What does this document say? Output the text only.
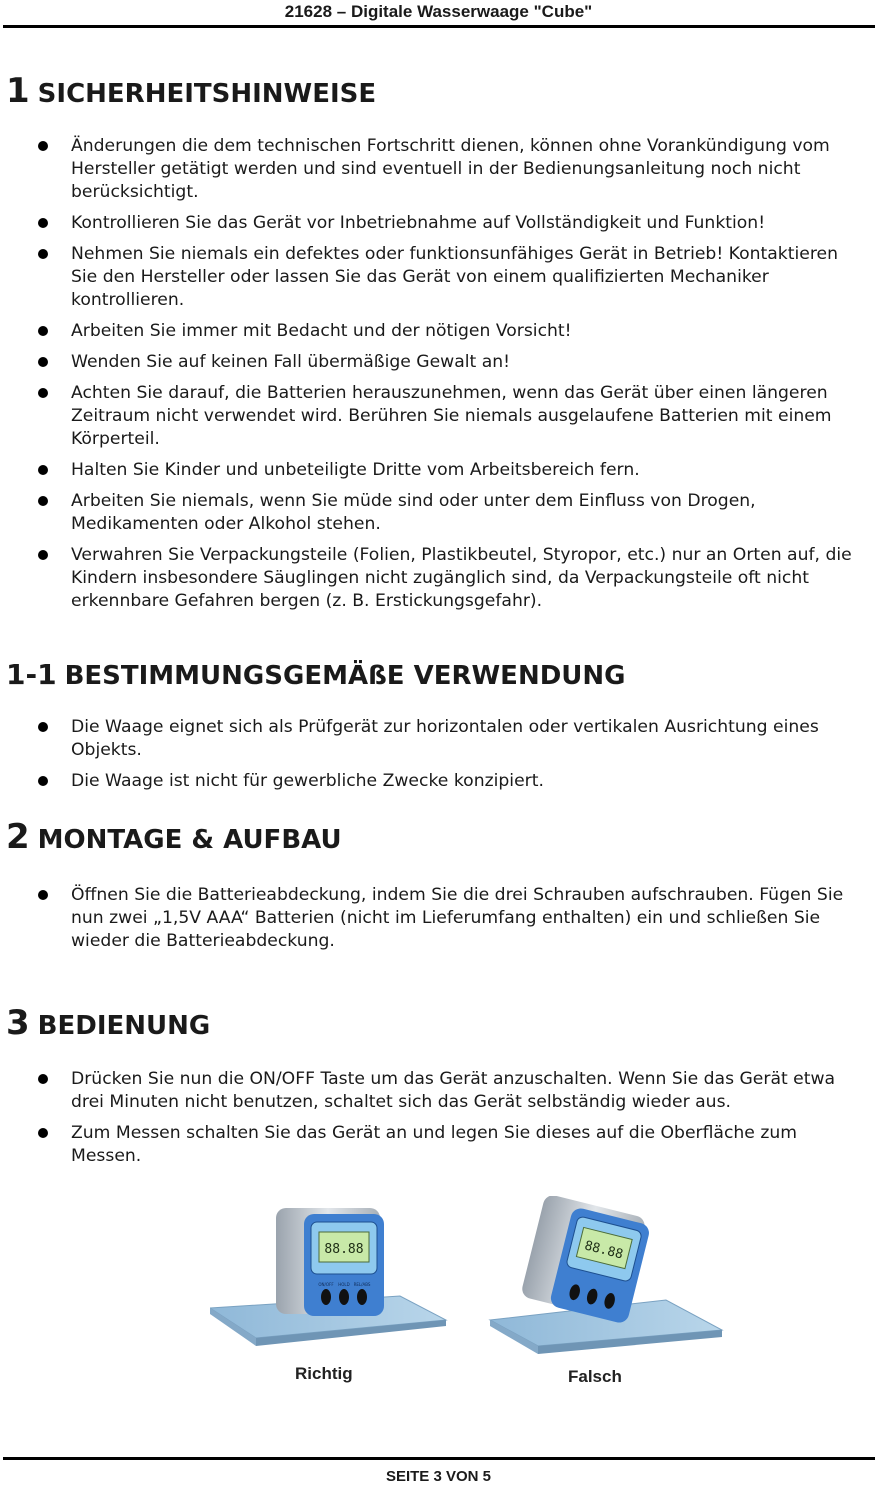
21628 – Digitale Wasserwaage "Cube"
1 SICHERHEITSHINWEISE
Änderungen die dem technischen Fortschritt dienen, können ohne Vorankündigung vom Hersteller getätigt werden und sind eventuell in der Bedienungsanleitung noch nicht berücksichtigt.
Kontrollieren Sie das Gerät vor Inbetriebnahme auf Vollständigkeit und Funktion!
Nehmen Sie niemals ein defektes oder funktionsunfähiges Gerät in Betrieb! Kontaktieren Sie den Hersteller oder lassen Sie das Gerät von einem qualifizierten Mechaniker kontrollieren.
Arbeiten Sie immer mit Bedacht und der nötigen Vorsicht!
Wenden Sie auf keinen Fall übermäßige Gewalt an!
Achten Sie darauf, die Batterien herauszunehmen, wenn das Gerät über einen längeren Zeitraum nicht verwendet wird. Berühren Sie niemals ausgelaufene Batterien mit einem Körperteil.
Halten Sie Kinder und unbeteiligte Dritte vom Arbeitsbereich fern.
Arbeiten Sie niemals, wenn Sie müde sind oder unter dem Einfluss von Drogen, Medikamenten oder Alkohol stehen.
Verwahren Sie Verpackungsteile (Folien, Plastikbeutel, Styropor, etc.) nur an Orten auf, die Kindern insbesondere Säuglingen nicht zugänglich sind, da Verpackungsteile oft nicht erkennbare Gefahren bergen (z. B. Erstickungsgefahr).
1-1 BESTIMMUNGSGEMÄßE VERWENDUNG
Die Waage eignet sich als Prüfgerät zur horizontalen oder vertikalen Ausrichtung eines Objekts.
Die Waage ist nicht für gewerbliche Zwecke konzipiert.
2 MONTAGE & AUFBAU
Öffnen Sie die Batterieabdeckung, indem Sie die drei Schrauben aufschrauben. Fügen Sie nun zwei „1,5V AAA“ Batterien (nicht im Lieferumfang enthalten) ein und schließen Sie wieder die Batterieabdeckung.
3 BEDIENUNG
Drücken Sie nun die ON/OFF Taste um das Gerät anzuschalten. Wenn Sie das Gerät etwa drei Minuten nicht benutzen, schaltet sich das Gerät selbständig wieder aus.
Zum Messen schalten Sie das Gerät an und legen Sie dieses auf die Oberfläche zum Messen.
88.88
ON/OFF HOLD REL/ABS
Richtig
88.88
Falsch
SEITE 3 VON 5
